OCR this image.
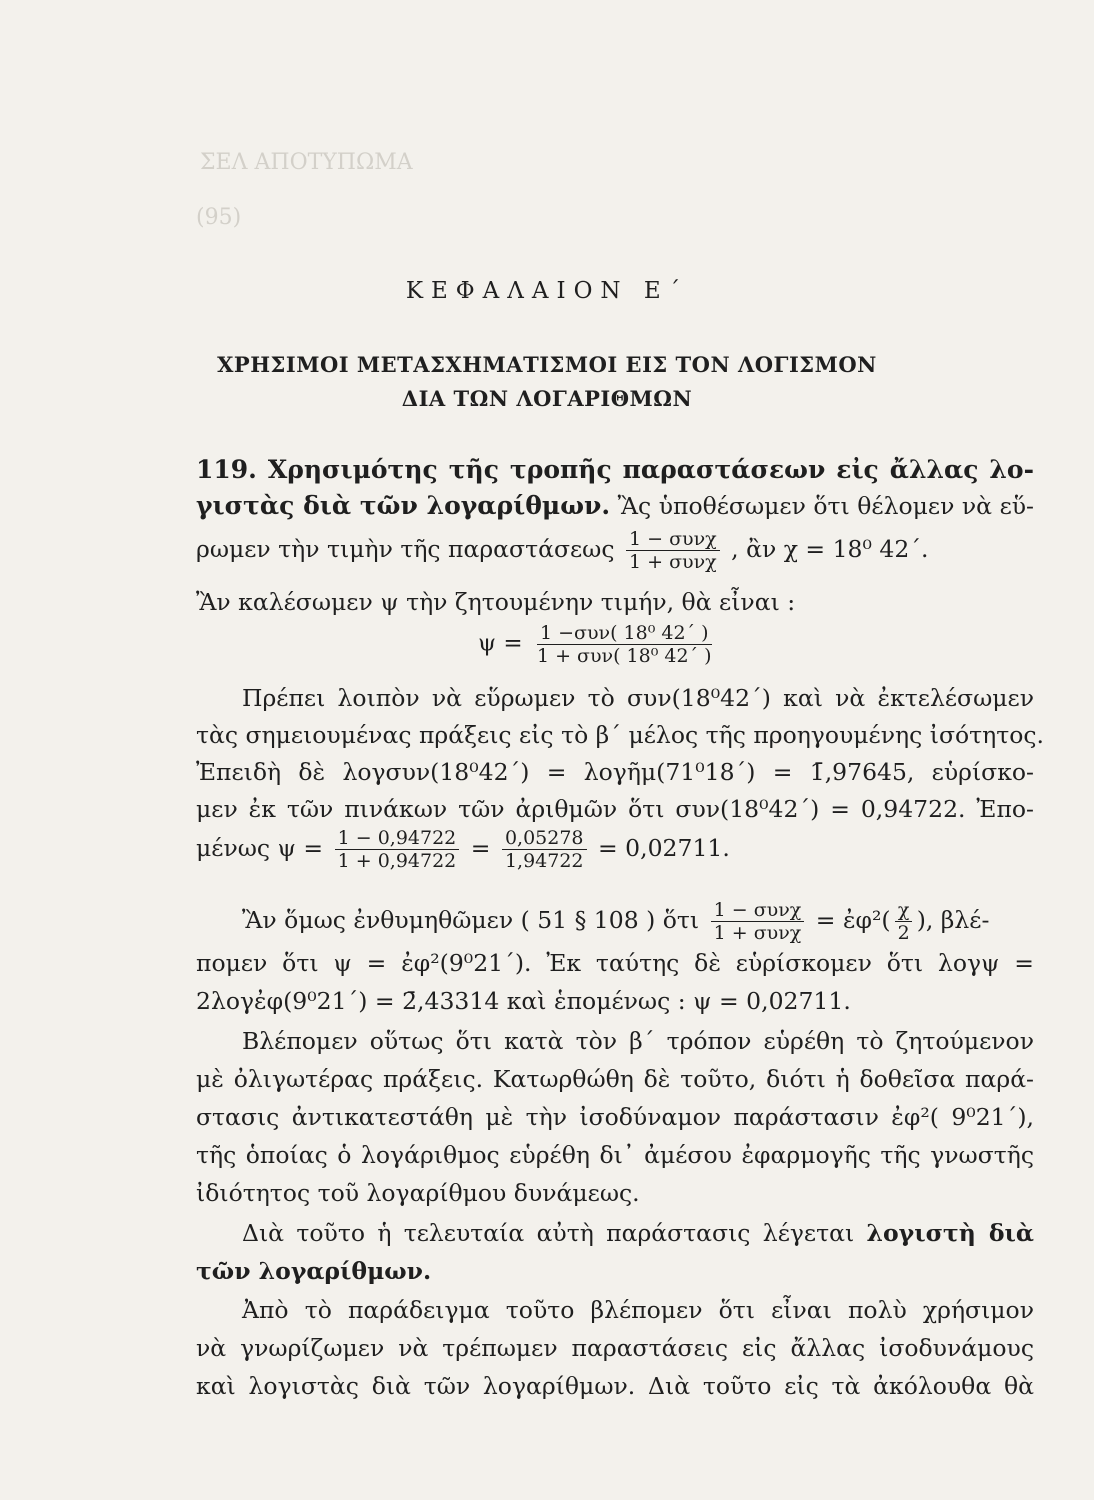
ΣΕΛ ΑΠΟΤΥΠΩΜΑ
(95)
ΚΕΦΑΛΑΙΟΝ Ε΄
ΧΡΗΣΙΜΟΙ ΜΕΤΑΣΧΗΜΑΤΙΣΜΟΙ ΕΙΣ ΤΟΝ ΛΟΓΙΣΜΟΝ
ΔΙΑ ΤΩΝ ΛΟΓΑΡΙΘΜΩΝ
119. Χρησιμότης τῆς τροπῆς παραστάσεων εἰς ἄλλας λο-
γιστὰς διὰ τῶν λογαρίθμων. Ἂς ὑποθέσωμεν ὅτι θέλομεν νὰ εὕ-
ρωμεν τὴν τιμὴν τῆς παραστάσεως $\frac{\text{1 − συνχ}}{\text{1 + συνχ}}$ , ἂν χ = 18⁰ 42΄.
Ἂν καλέσωμεν ψ τὴν ζητουμένην τιμήν, θὰ εἶναι :
$\psi = \frac{\text{1 −συν( 18⁰ 42΄ )}}{\text{1 + συν( 18⁰ 42΄ )}}$
Πρέπει λοιπὸν νὰ εὕρωμεν τὸ συν(18⁰42΄) καὶ νὰ ἐκτελέσωμεν
τὰς σημειουμένας πράξεις εἰς τὸ β΄ μέλος τῆς προηγουμένης ἰσότητος.
Ἐπειδὴ δὲ λογσυν(18⁰42΄) = λογῆμ(71⁰18΄) = 1̄,97645, εὑρίσκο-
μεν ἐκ τῶν πινάκων τῶν ἀριθμῶν ὅτι συν(18⁰42΄) = 0,94722. Ἐπο-
μένως $\psi = \frac{1 - 0,94722}{1 + 0,94722} = \frac{0,05278}{1,94722} = 0,02711$.
Ἂν ὅμως ἐνθυμηθῶμεν ( 51 § 108 ) ὅτι $\frac{\text{1 − συνχ}}{\text{1 + συνχ}}$ = ἐφ²( $\frac{\chi}{2}$ ), βλέ-
πομεν ὅτι ψ = ἐφ²(9⁰21΄). Ἐκ ταύτης δὲ εὑρίσκομεν ὅτι λογψ =
2λογἐφ(9⁰21΄) = 2̄,43314 καὶ ἑπομένως : ψ = 0,02711.
Βλέπομεν οὕτως ὅτι κατὰ τὸν β΄ τρόπον εὑρέθη τὸ ζητούμενον
μὲ ὀλιγωτέρας πράξεις. Κατωρθώθη δὲ τοῦτο, διότι ἡ δοθεῖσα παρά-
στασις ἀντικατεστάθη μὲ τὴν ἰσοδύναμον παράστασιν ἐφ²( 9⁰21΄),
τῆς ὁποίας ὁ λογάριθμος εὑρέθη δι᾽ ἀμέσου ἐφαρμογῆς τῆς γνωστῆς
ἰδιότητος τοῦ λογαρίθμου δυνάμεως.
Διὰ τοῦτο ἡ τελευταία αὐτὴ παράστασις λέγεται λογιστὴ διὰ
τῶν λογαρίθμων.
Ἀπὸ τὸ παράδειγμα τοῦτο βλέπομεν ὅτι εἶναι πολὺ χρήσιμον
νὰ γνωρίζωμεν νὰ τρέπωμεν παραστάσεις εἰς ἄλλας ἰσοδυνάμους
καὶ λογιστὰς διὰ τῶν λογαρίθμων. Διὰ τοῦτο εἰς τὰ ἀκόλουθα θὰ
